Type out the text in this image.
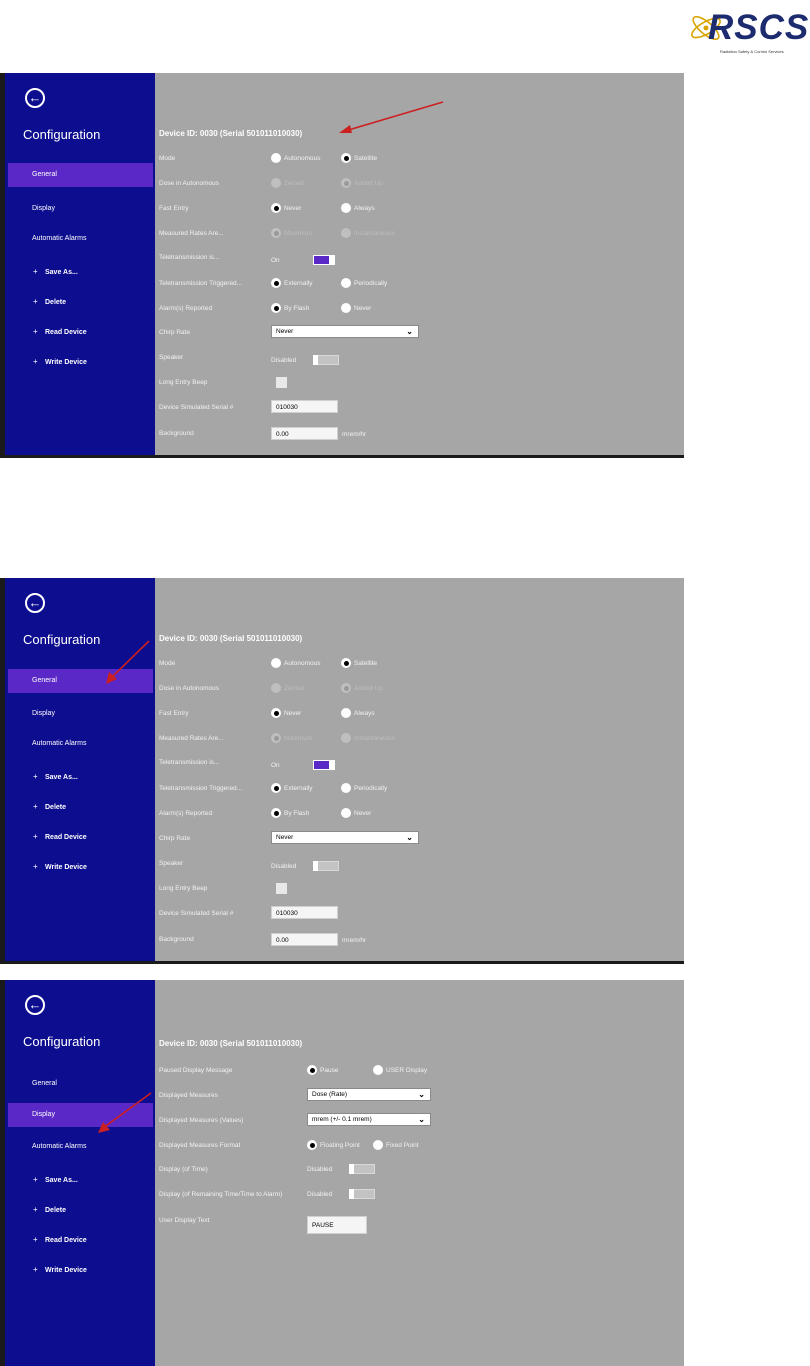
RSCS
Radiation Safety & Control Services
←
Configuration
General
Display
Automatic Alarms
+ Save As...
+ Delete
+ Read Device
+ Write Device
Device ID: 0030 (Serial 501011010030)
Mode	Autonomous	Satellite
Dose in Autonomous	Zeroed	Added Up
Fast Entry	Never	Always
Measured Rates Are...	Maximum	Instantaneous
Teletransmission is...	On
Teletransmission Triggered...	Externally	Periodically
Alarm(s) Reported	By Flash	Never
Chirp Rate	Never	⌄
Speaker	Disabled
Long Entry Beep
Device Simulated Serial #	010030
Background	0.00	mrem/hr
←
Configuration
General
Display
Automatic Alarms
+ Save As...
+ Delete
+ Read Device
+ Write Device
Device ID: 0030 (Serial 501011010030)
Mode	Autonomous	Satellite
Dose in Autonomous	Zeroed	Added Up
Fast Entry	Never	Always
Measured Rates Are...	Maximum	Instantaneous
Teletransmission is...	On
Teletransmission Triggered...	Externally	Periodically
Alarm(s) Reported	By Flash	Never
Chirp Rate	Never	⌄
Speaker	Disabled
Long Entry Beep
Device Simulated Serial #	010030
Background	0.00	mrem/hr
←
Configuration
General
Display
Automatic Alarms
+ Save As...
+ Delete
+ Read Device
+ Write Device
Device ID: 0030 (Serial 501011010030)
Paused Display Message	Pause	USER Display
Displayed Measures	Dose (Rate)	⌄
Displayed Measures (Values)	mrem (+/- 0.1 mrem)	⌄
Displayed Measures Format	Floating Point	Fixed Point
Display (of Time)	Disabled
Display (of Remaining Time/Time to Alarm)	Disabled
User Display Text
PAUSE
